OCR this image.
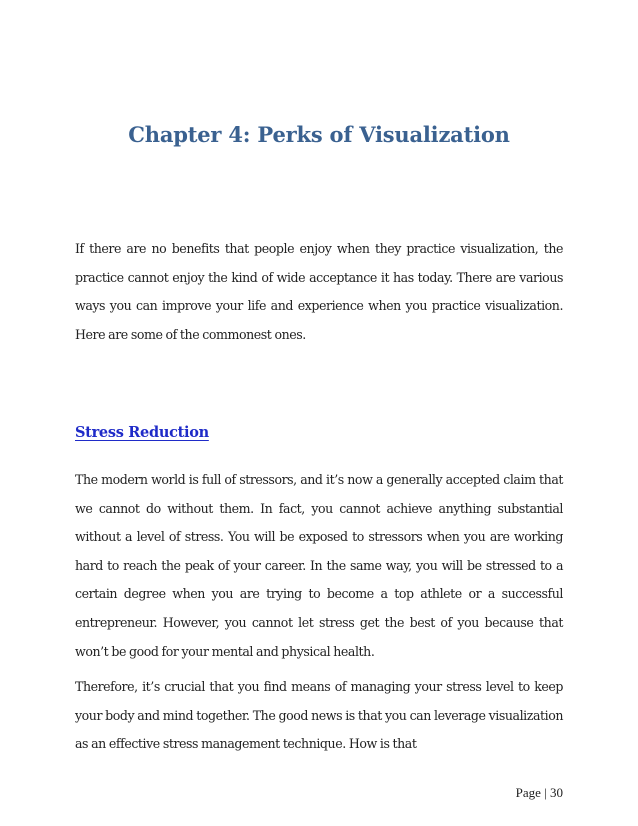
Chapter 4: Perks of Visualization

If there are no benefits that people enjoy when they practice visualization, the practice cannot enjoy the kind of wide acceptance it has today. There are various ways you can improve your life and experience when you practice visualization. Here are some of the commonest ones.

Stress Reduction

The modern world is full of stressors, and it’s now a generally accepted claim that we cannot do without them. In fact, you cannot achieve anything substantial without a level of stress. You will be exposed to stressors when you are working hard to reach the peak of your career. In the same way, you will be stressed to a certain degree when you are trying to become a top athlete or a successful entrepreneur. However, you cannot let stress get the best of you because that won’t be good for your mental and physical health.

Therefore, it’s crucial that you find means of managing your stress level to keep your body and mind together. The good news is that you can leverage visualization as an effective stress management technique. How is that

Page | 30
